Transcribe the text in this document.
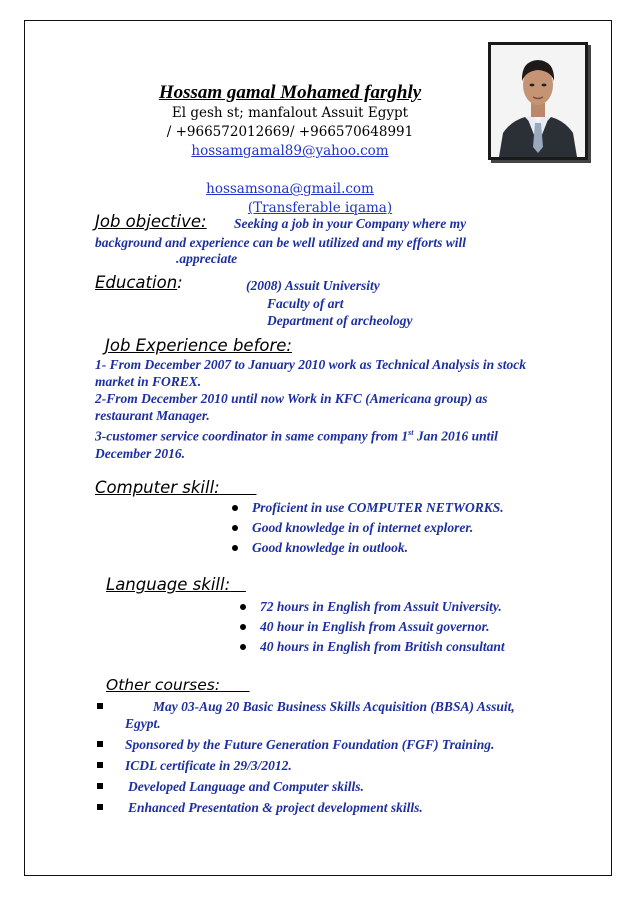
Hossam gamal Mohamed farghly
El gesh st; manfalout Assuit Egypt
/ +966572012669/ +966570648991
hossamgamal89@yahoo.com

hossamsona@gmail.com
(Transferable iqama)
Job objective: Seeking a job in your Company where my
background and experience can be well utilized and my efforts will
.appreciate
Education:	(2008) Assuit University
Faculty of art
Department of archeology
Job Experience before:
1- From December 2007 to January 2010 work as Technical Analysis in stock market in FOREX.
2-From December 2010 until now Work in KFC (Americana group) as restaurant Manager.
3-customer service coordinator in same company from 1st Jan 2016 until December 2016.
Computer skill:
Proficient in use COMPUTER NETWORKS.
Good knowledge in of internet explorer.
Good knowledge in outlook.
Language skill:
72 hours in English from Assuit University.
40 hour in English from Assuit governor.
40 hours in English from British consultant
Other courses:
May 03-Aug 20 Basic Business Skills Acquisition (BBSA) Assuit, Egypt.
Sponsored by the Future Generation Foundation (FGF) Training.
ICDL certificate in 29/3/2012.
Developed Language and Computer skills.
Enhanced Presentation & project development skills.
